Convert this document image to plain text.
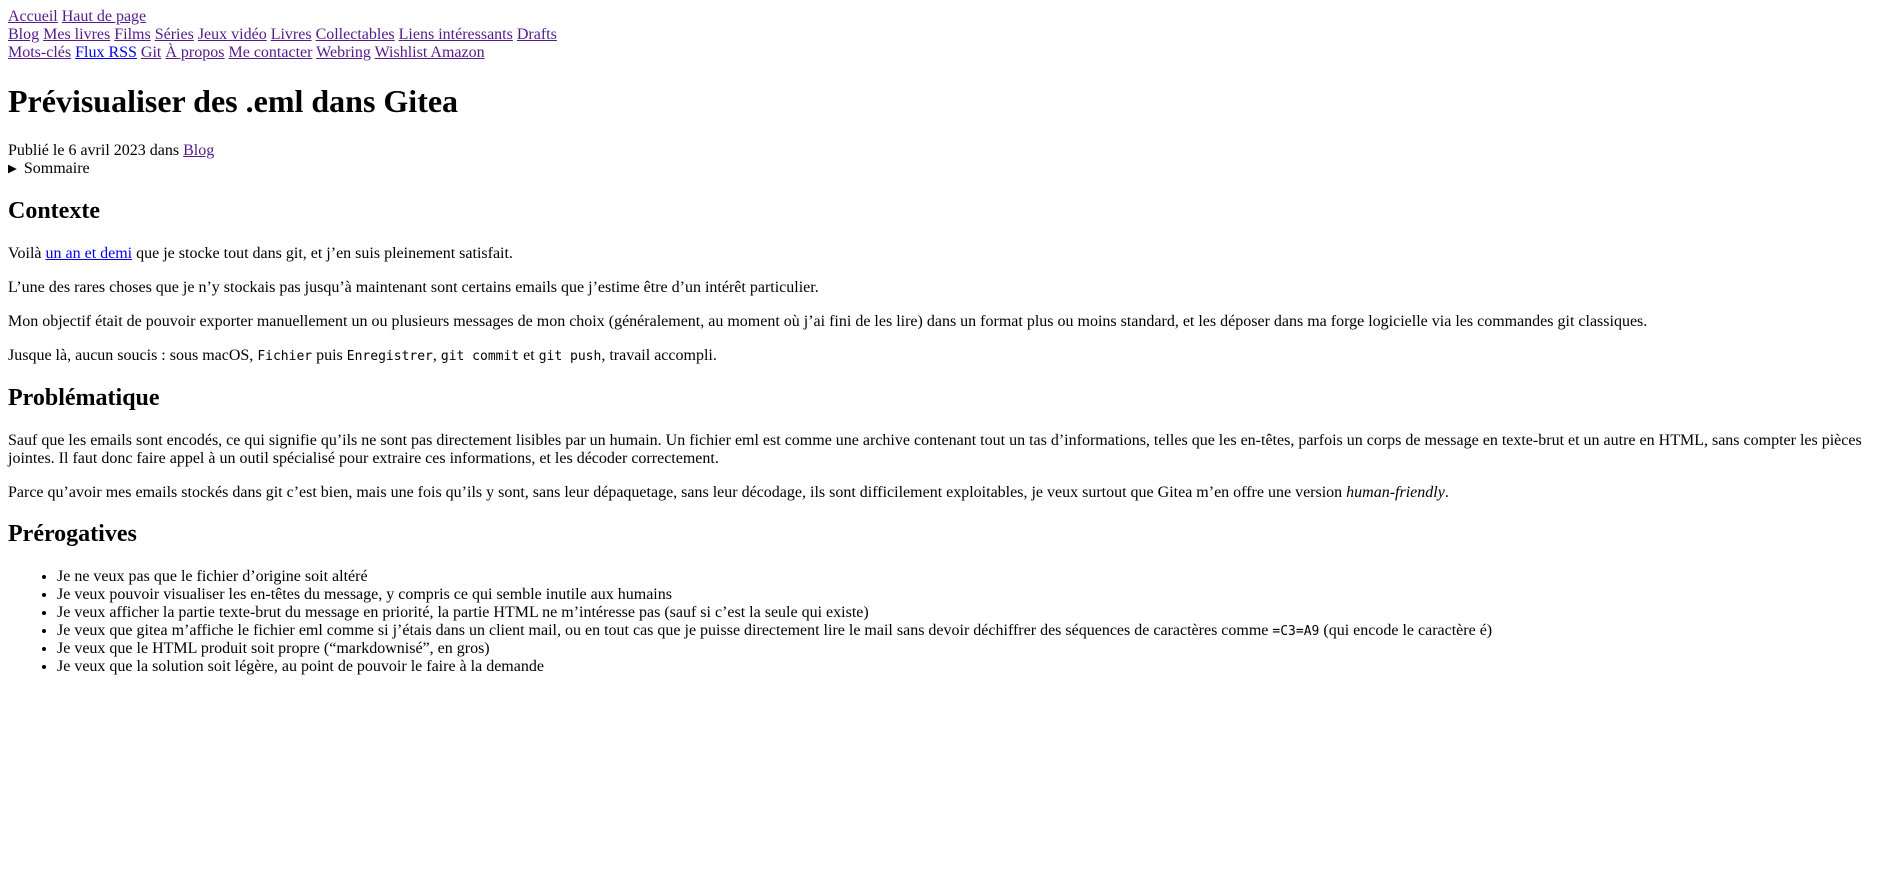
Accueil Haut de page
Blog Mes livres Films Séries Jeux vidéo Livres Collectables Liens intéressants Drafts
Mots-clés Flux RSS Git À propos Me contacter Webring Wishlist Amazon
Prévisualiser des .eml dans Gitea

Publié le 6 avril 2023 dans Blog

▶ Sommaire
Contexte

Voilà un an et demi que je stocke tout dans git, et j’en suis pleinement satisfait.

L’une des rares choses que je n’y stockais pas jusqu’à maintenant sont certains emails que j’estime être d’un intérêt particulier.

Mon objectif était de pouvoir exporter manuellement un ou plusieurs messages de mon choix (généralement, au moment où j’ai fini de les lire) dans un format plus ou moins standard, et les déposer dans ma forge logicielle via les commandes git classiques.

Jusque là, aucun soucis : sous macOS, Fichier puis Enregistrer, git commit et git push, travail accompli.

Problématique

Sauf que les emails sont encodés, ce qui signifie qu’ils ne sont pas directement lisibles par un humain. Un fichier eml est comme une archive contenant tout un tas d’informations, telles que les en-têtes, parfois un corps de message en texte-brut et un autre en HTML, sans compter les pièces jointes. Il faut donc faire appel à un outil spécialisé pour extraire ces informations, et les décoder correctement.

Parce qu’avoir mes emails stockés dans git c’est bien, mais une fois qu’ils y sont, sans leur dépaquetage, sans leur décodage, ils sont difficilement exploitables, je veux surtout que Gitea m’en offre une version human-friendly.

Prérogatives
• Je ne veux pas que le fichier d’origine soit altéré
• Je veux pouvoir visualiser les en-têtes du message, y compris ce qui semble inutile aux humains
• Je veux afficher la partie texte-brut du message en priorité, la partie HTML ne m’intéresse pas (sauf si c’est la seule qui existe)
• Je veux que gitea m’affiche le fichier eml comme si j’étais dans un client mail, ou en tout cas que je puisse directement lire le mail sans devoir déchiffrer des séquences de caractères comme =C3=A9 (qui encode le caractère é)
• Je veux que le HTML produit soit propre (“markdownisé”, en gros)
• Je veux que la solution soit légère, au point de pouvoir le faire à la demande
